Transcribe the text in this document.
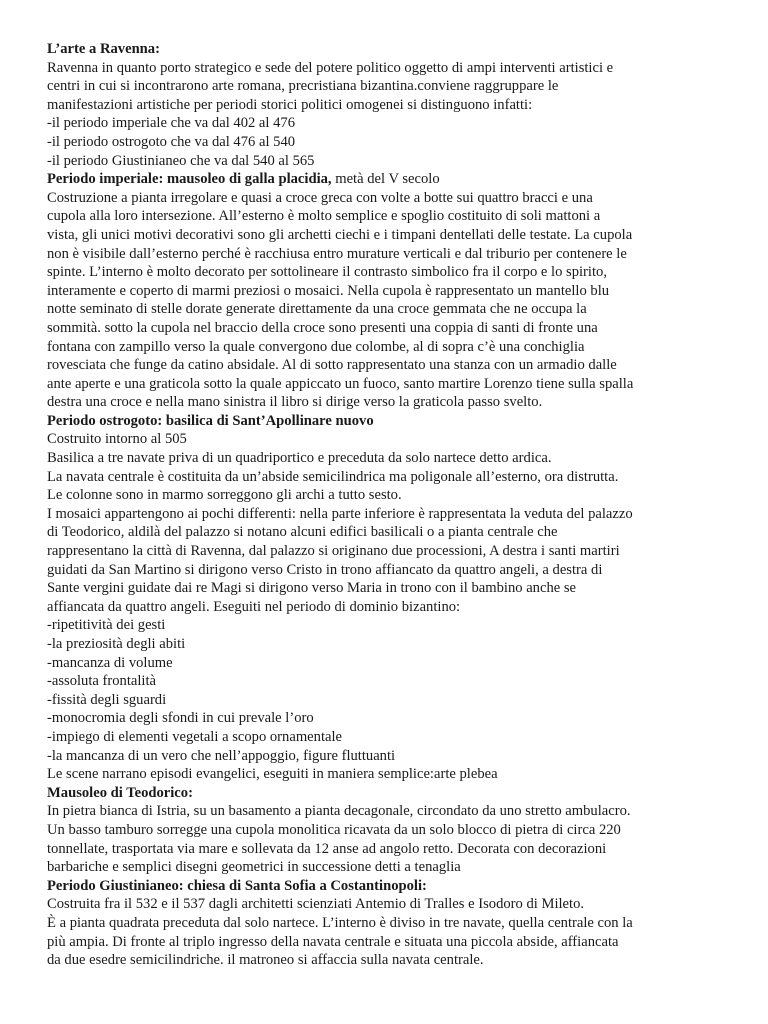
L’arte a Ravenna:
Ravenna in quanto porto strategico e sede del potere politico oggetto di ampi interventi artistici e
centri in cui si incontrarono arte romana, precristiana bizantina.conviene raggruppare le
manifestazioni artistiche per periodi storici politici omogenei si distinguono infatti:
-il periodo imperiale che va dal 402 al 476
-il periodo ostrogoto che va dal 476 al 540
-il periodo Giustinianeo che va dal 540 al 565
Periodo imperiale: mausoleo di galla placidia, metà del V secolo
Costruzione a pianta irregolare e quasi a croce greca con volte a botte sui quattro bracci e una
cupola alla loro intersezione. All’esterno è molto semplice e spoglio costituito di soli mattoni a
vista, gli unici motivi decorativi sono gli archetti ciechi e i timpani dentellati delle testate. La cupola
non è visibile dall’esterno perché è racchiusa entro murature verticali e dal triburio per contenere le
spinte. L’interno è molto decorato per sottolineare il contrasto simbolico fra il corpo e lo spirito,
interamente e coperto di marmi preziosi o mosaici. Nella cupola è rappresentato un mantello blu
notte seminato di stelle dorate generate direttamente da una croce gemmata che ne occupa la
sommità. sotto la cupola nel braccio della croce sono presenti una coppia di santi di fronte una
fontana con zampillo verso la quale convergono due colombe, al di sopra c’è una conchiglia
rovesciata che funge da catino absidale. Al di sotto rappresentato una stanza con un armadio dalle
ante aperte e una graticola sotto la quale appiccato un fuoco, santo martire Lorenzo tiene sulla spalla
destra una croce e nella mano sinistra il libro si dirige verso la graticola passo svelto.
Periodo ostrogoto: basilica di Sant’Apollinare nuovo
Costruito intorno al 505
Basilica a tre navate priva di un quadriportico e preceduta da solo nartece detto ardica.
La navata centrale è costituita da un’abside semicilindrica ma poligonale all’esterno, ora distrutta.
Le colonne sono in marmo sorreggono gli archi a tutto sesto.
I mosaici appartengono ai pochi differenti: nella parte inferiore è rappresentata la veduta del palazzo
di Teodorico, aldilà del palazzo si notano alcuni edifici basilicali o a pianta centrale che
rappresentano la città di Ravenna, dal palazzo si originano due processioni, A destra i santi martiri
guidati da San Martino si dirigono verso Cristo in trono affiancato da quattro angeli, a destra di
Sante vergini guidate dai re Magi si dirigono verso Maria in trono con il bambino anche se
affiancata da quattro angeli. Eseguiti nel periodo di dominio bizantino:
-ripetitività dei gesti
-la preziosità degli abiti
-mancanza di volume
-assoluta frontalità
-fissità degli sguardi
-monocromia degli sfondi in cui prevale l’oro
-impiego di elementi vegetali a scopo ornamentale
-la mancanza di un vero che nell’appoggio, figure fluttuanti
Le scene narrano episodi evangelici, eseguiti in maniera semplice:arte plebea
Mausoleo di Teodorico:
In pietra bianca di Istria, su un basamento a pianta decagonale, circondato da uno stretto ambulacro.
Un basso tamburo sorregge una cupola monolitica ricavata da un solo blocco di pietra di circa 220
tonnellate, trasportata via mare e sollevata da 12 anse ad angolo retto. Decorata con decorazioni
barbariche e semplici disegni geometrici in successione detti a tenaglia
Periodo Giustinianeo: chiesa di Santa Sofia a Costantinopoli:
Costruita fra il 532 e il 537 dagli architetti scienziati Antemio di Tralles e Isodoro di Mileto.
È a pianta quadrata preceduta dal solo nartece. L’interno è diviso in tre navate, quella centrale con la
più ampia. Di fronte al triplo ingresso della navata centrale e situata una piccola abside, affiancata
da due esedre semicilindriche. il matroneo si affaccia sulla navata centrale.
